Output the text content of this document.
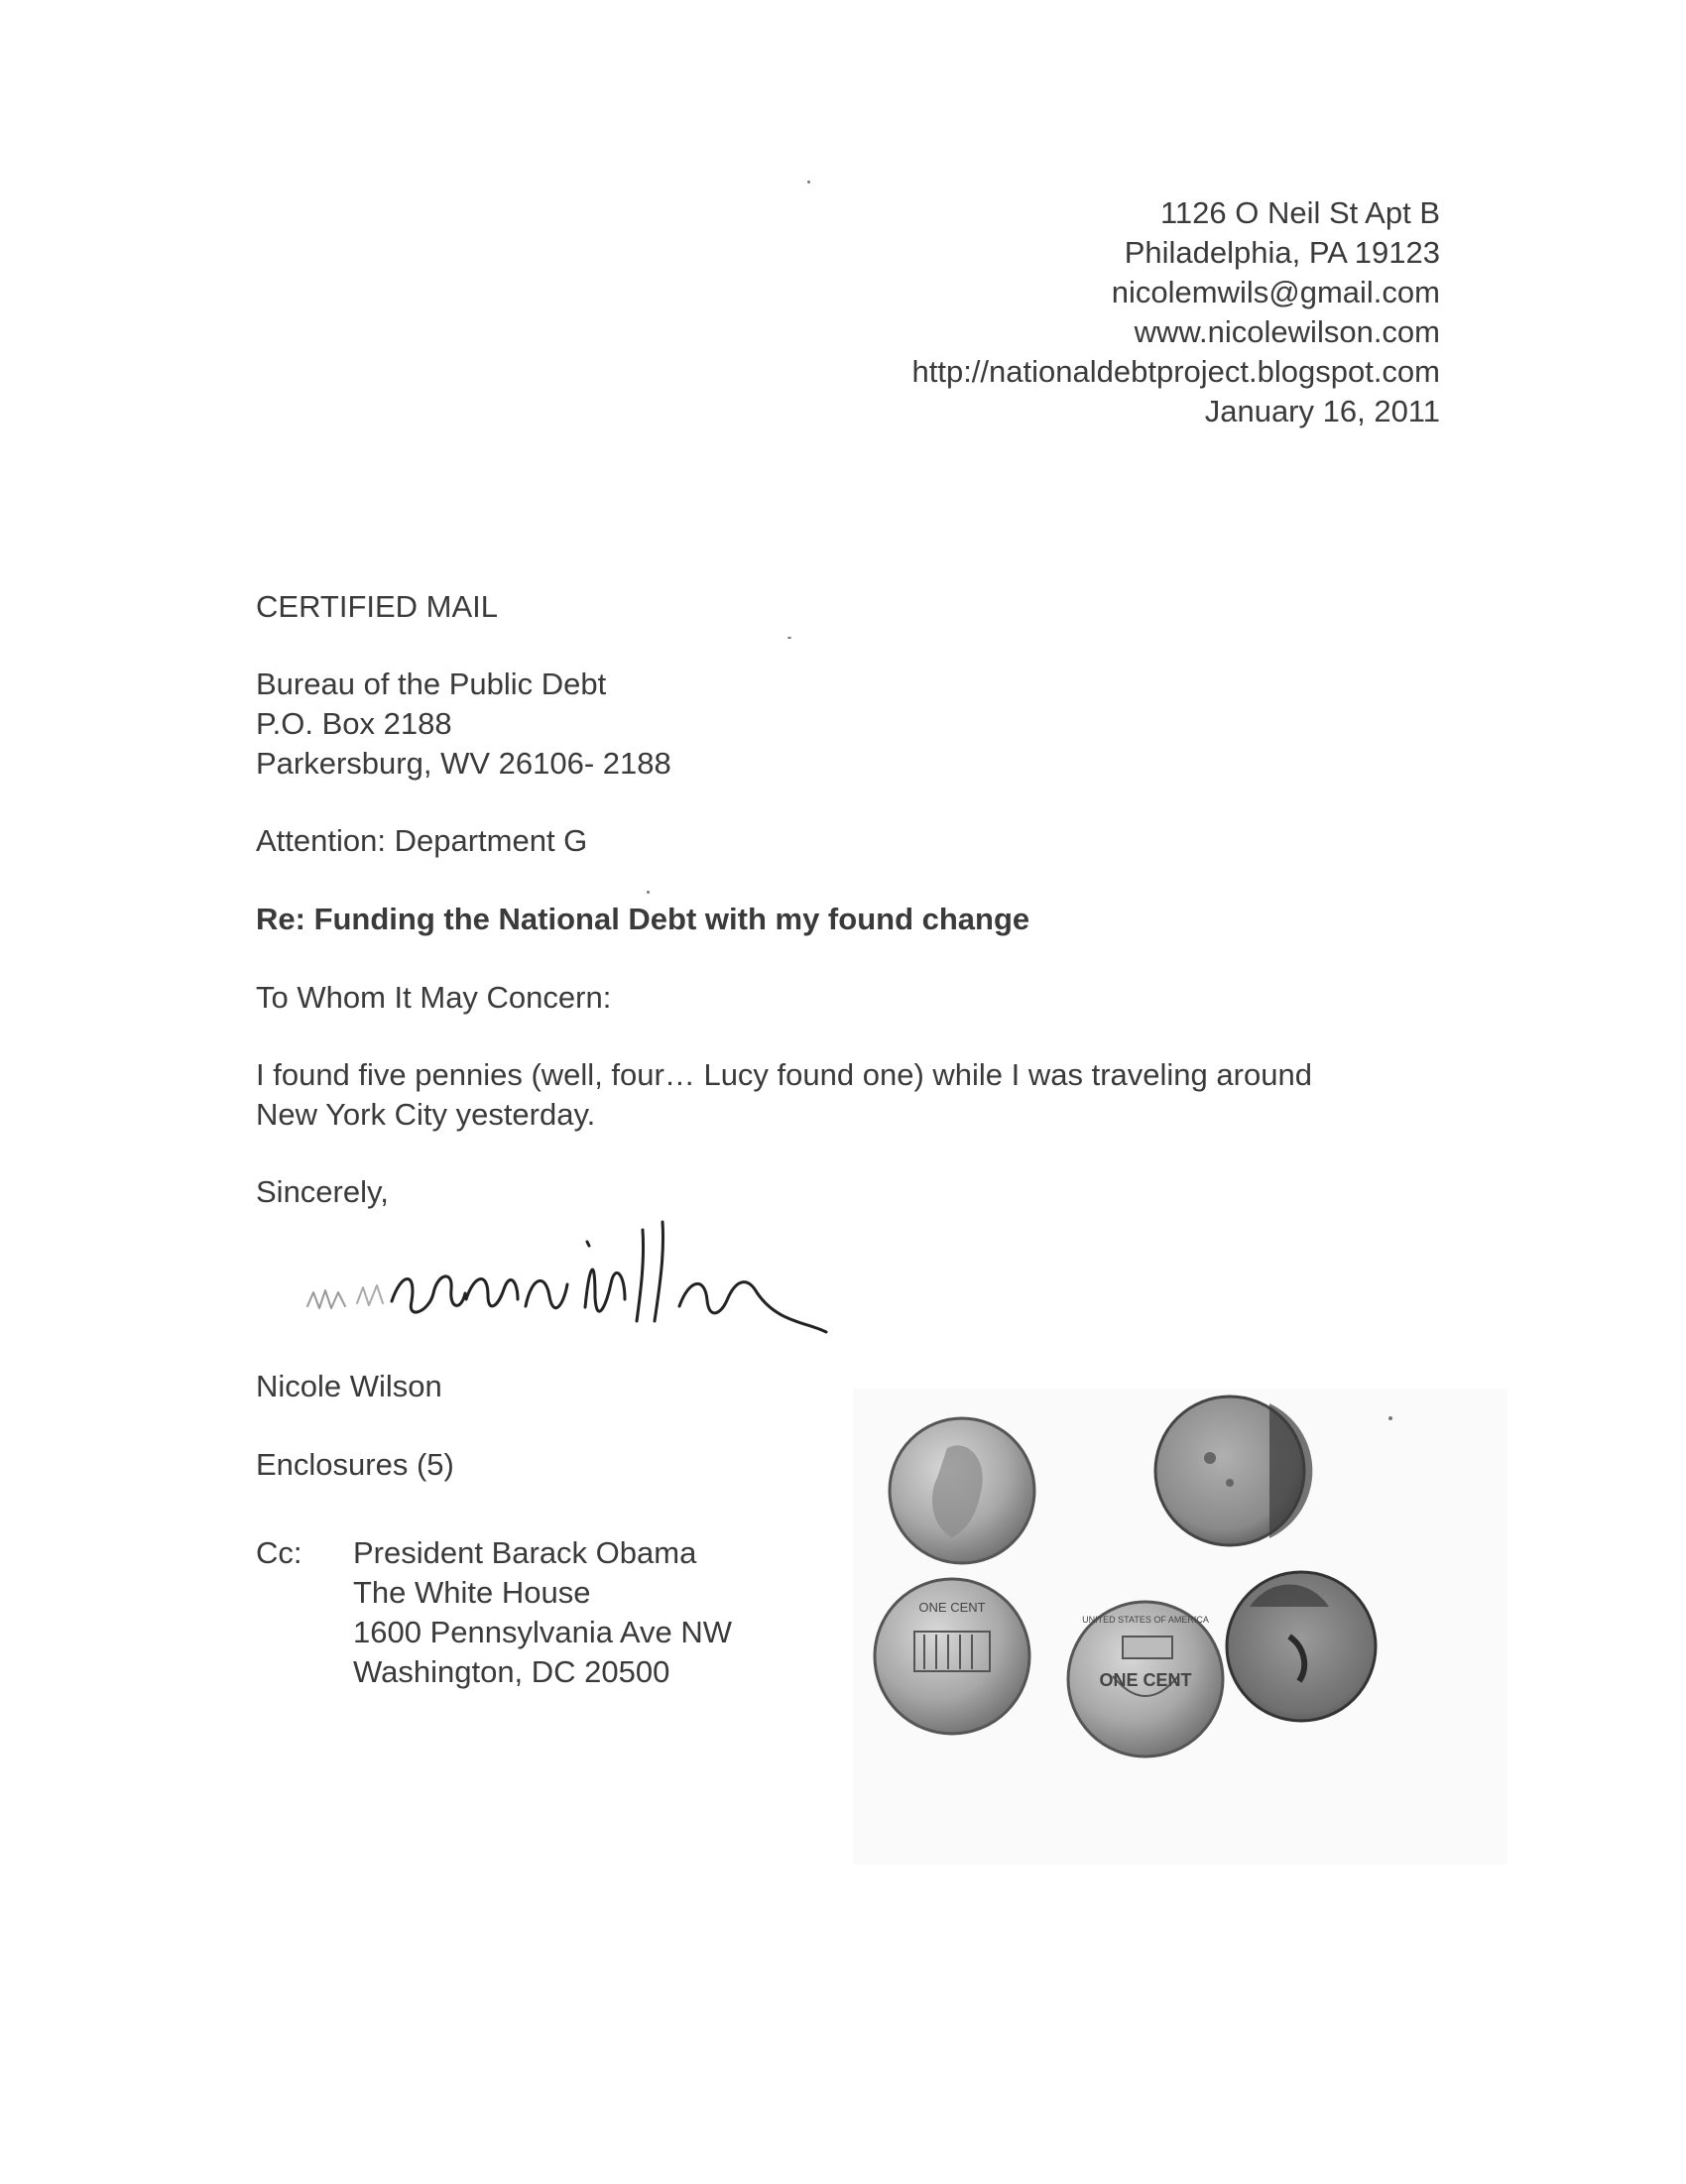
1126 O Neil St Apt B
Philadelphia, PA 19123
nicolemwils@gmail.com
www.nicolewilson.com
http://nationaldebtproject.blogspot.com
January 16, 2011
CERTIFIED MAIL
Bureau of the Public Debt
P.O. Box 2188
Parkersburg, WV 26106- 2188
Attention: Department G
Re: Funding the National Debt with my found change
To Whom It May Concern:
I found five pennies (well, four… Lucy found one) while I was traveling around
New York City yesterday.
Sincerely,
Nicole Wilson
Enclosures (5)
Cc: President Barack Obama
The White House
1600 Pennsylvania Ave NW
Washington, DC 20500
ONE CENT
ONE CENT
UNITED STATES OF AMERICA
